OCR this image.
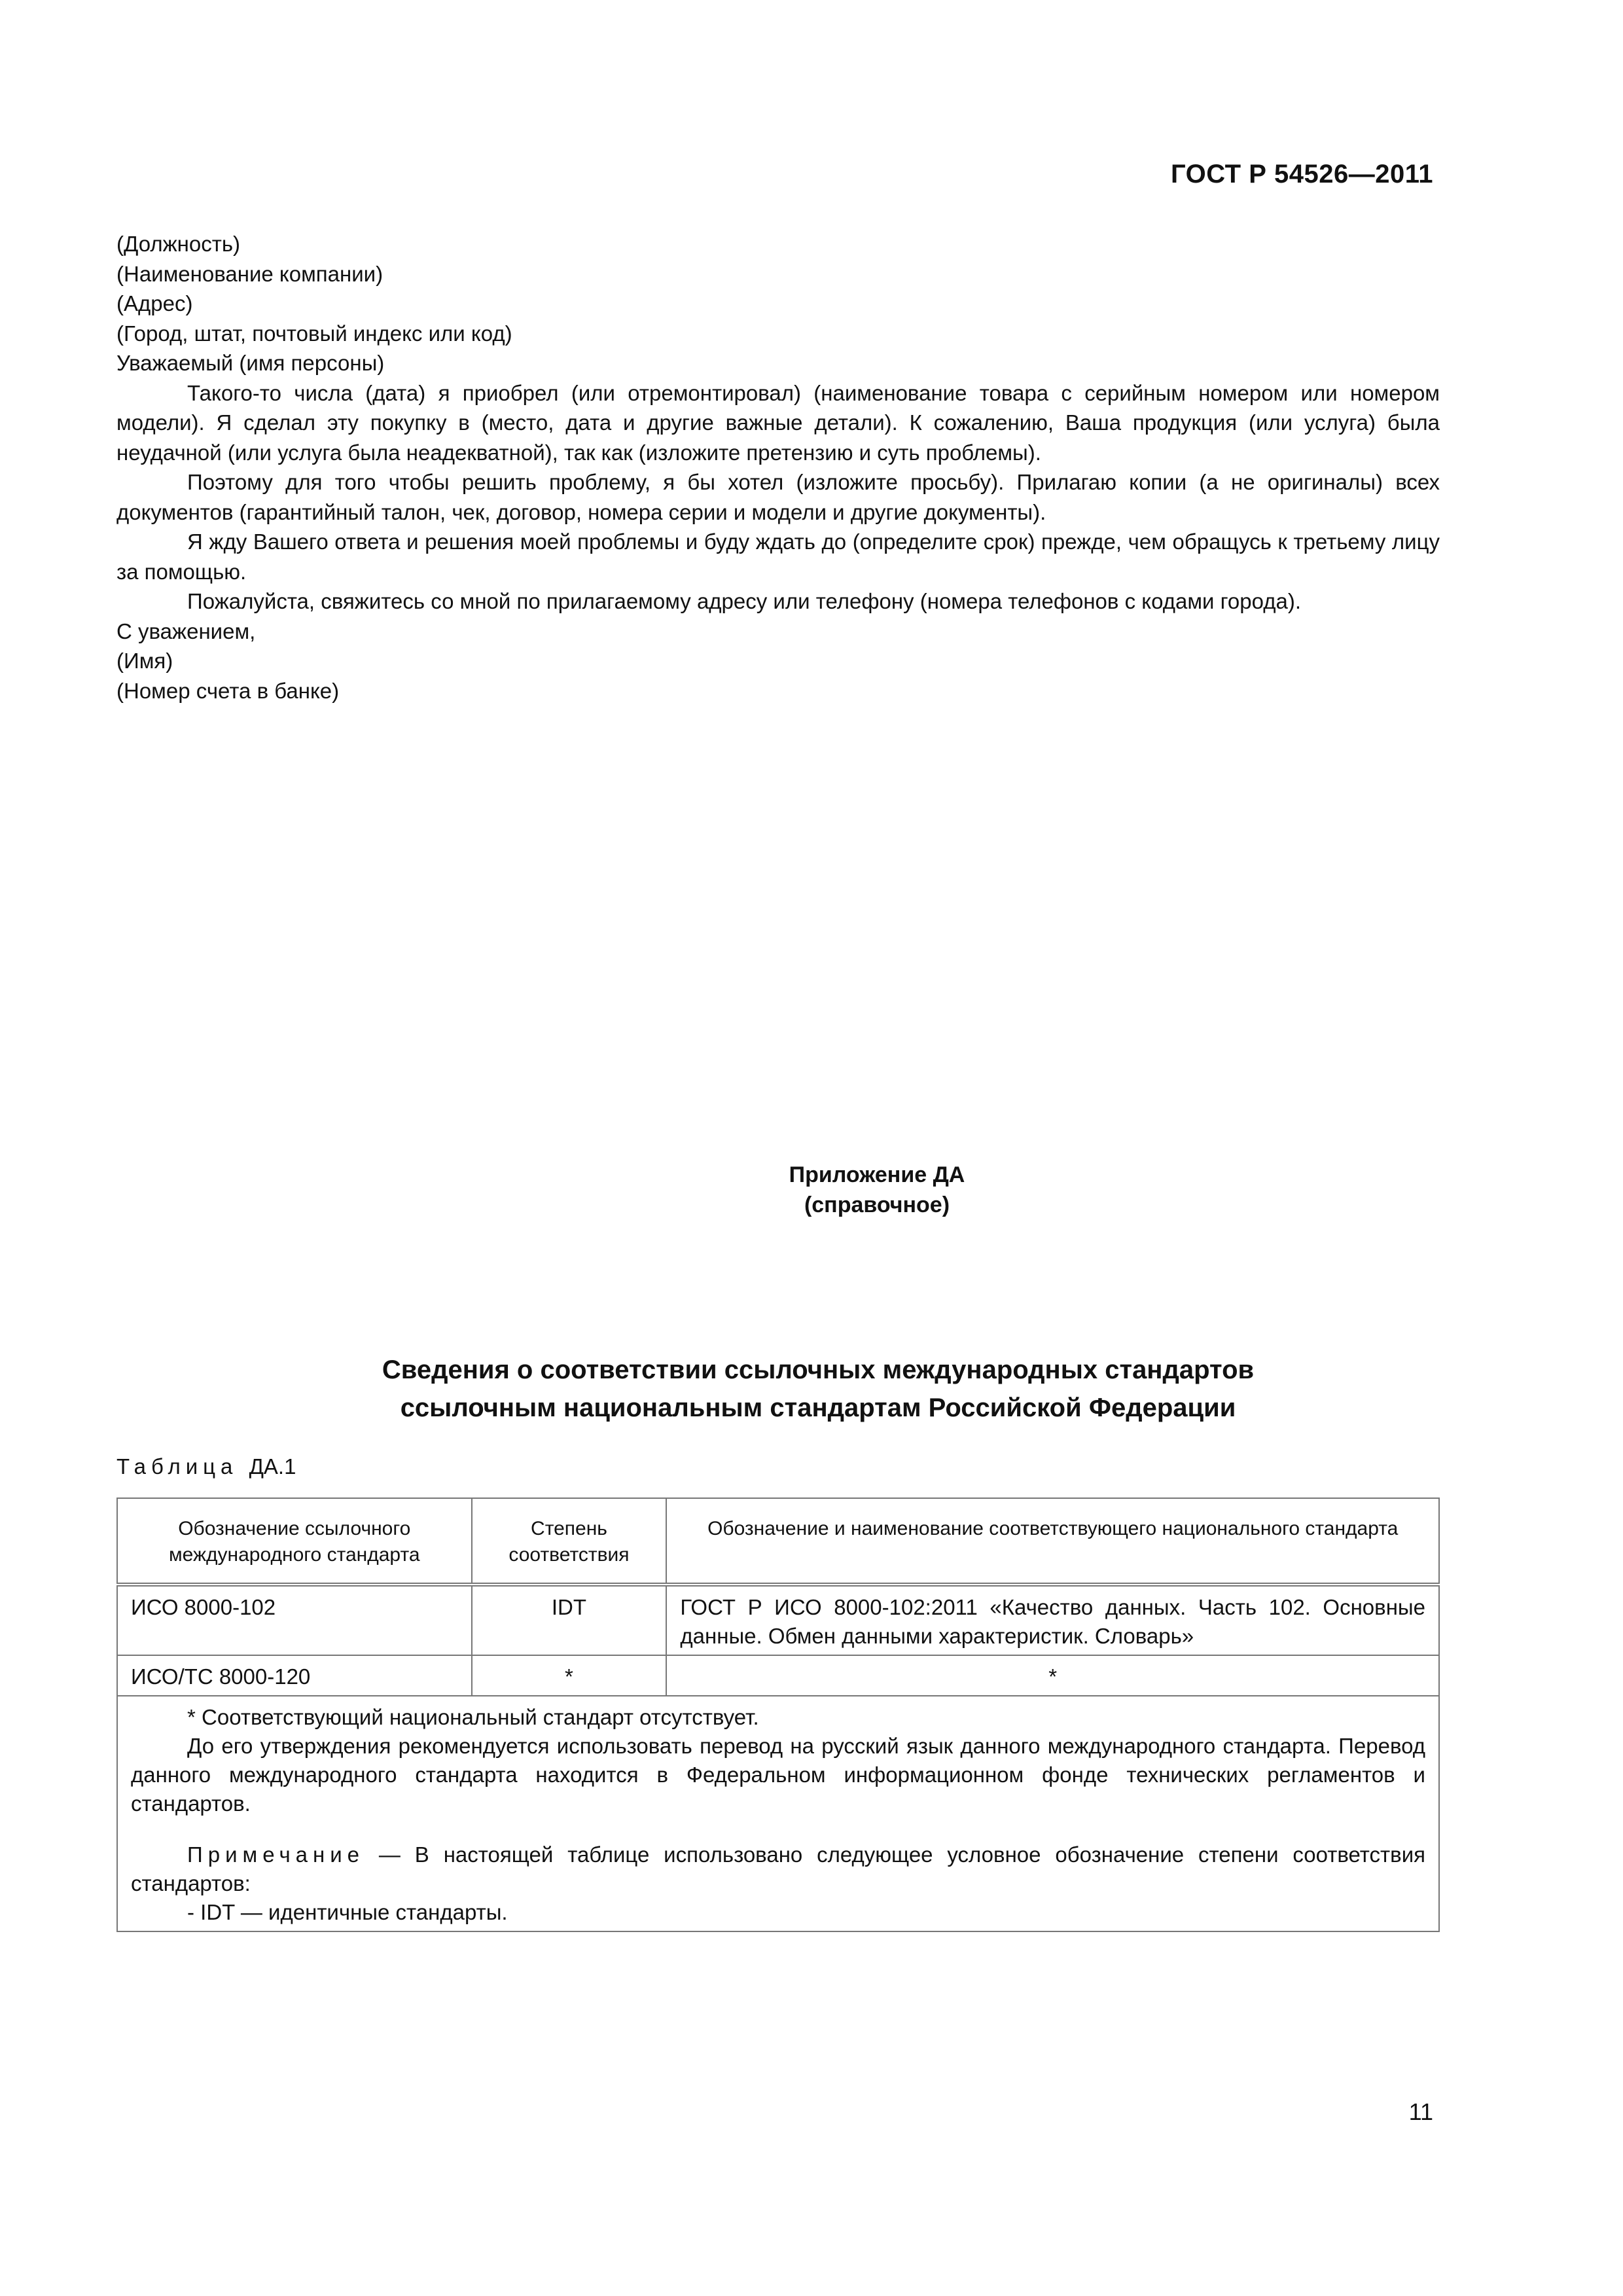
ГОСТ Р 54526—2011
(Должность)
(Наименование компании)
(Адрес)
(Город, штат, почтовый индекс или код)
Уважаемый (имя персоны)
Такого-то числа (дата) я приобрел (или отремонтировал) (наименование товара с серийным номером или номером модели). Я сделал эту покупку в (место, дата и другие важные детали). К сожалению, Ваша продукция (или услуга) была неудачной (или услуга была неадекватной), так как (изложите претензию и суть проблемы).
Поэтому для того чтобы решить проблему, я бы хотел (изложите просьбу). Прилагаю копии (а не оригиналы) всех документов (гарантийный талон, чек, договор, номера серии и модели и другие документы).
Я жду Вашего ответа и решения моей проблемы и буду ждать до (определите срок) прежде, чем обращусь к третьему лицу за помощью.
Пожалуйста, свяжитесь со мной по прилагаемому адресу или телефону (номера телефонов с кодами города).
С уважением,
(Имя)
(Номер счета в банке)
Приложение ДА
(справочное)
Сведения о соответствии ссылочных международных стандартов
ссылочным национальным стандартам Российской Федерации
Таблица ДА.1
Обозначение ссылочного международного стандарта	Степень соответствия	Обозначение и наименование соответствующего национального стандарта
ИСО 8000-102	IDT	ГОСТ Р ИСО 8000-102:2011 «Качество данных. Часть 102. Основные данные. Обмен данными характеристик. Словарь»
ИСО/ТС 8000-120	*	*

* Соответствующий национальный стандарт отсутствует.
До его утверждения рекомендуется использовать перевод на русский язык данного международного стандарта. Перевод данного международного стандарта находится в Федеральном информационном фонде технических регламентов и стандартов.
Примечание — В настоящей таблице использовано следующее условное обозначение степени соответствия стандартов:
- IDT — идентичные стандарты.		
11
